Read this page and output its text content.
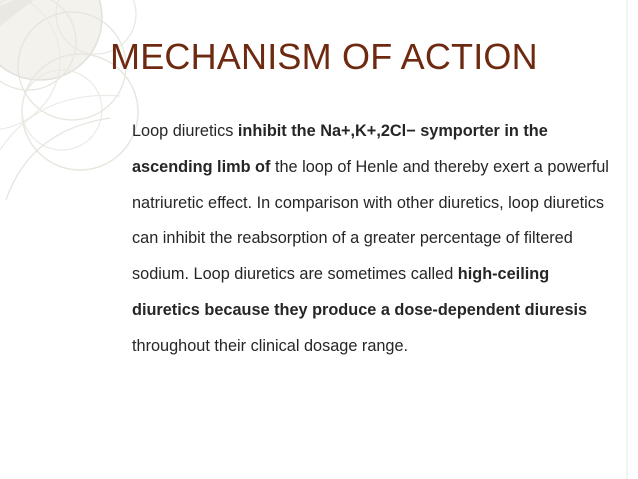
MECHANISM OF ACTION

Loop diuretics inhibit the Na+,K+,2Cl− symporter in the ascending limb of the loop of Henle and thereby exert a powerful natriuretic effect. In comparison with other diuretics, loop diuretics can inhibit the reabsorption of a greater percentage of filtered sodium. Loop diuretics are sometimes called high-ceiling diuretics because they produce a dose-dependent diuresis throughout their clinical dosage range.
